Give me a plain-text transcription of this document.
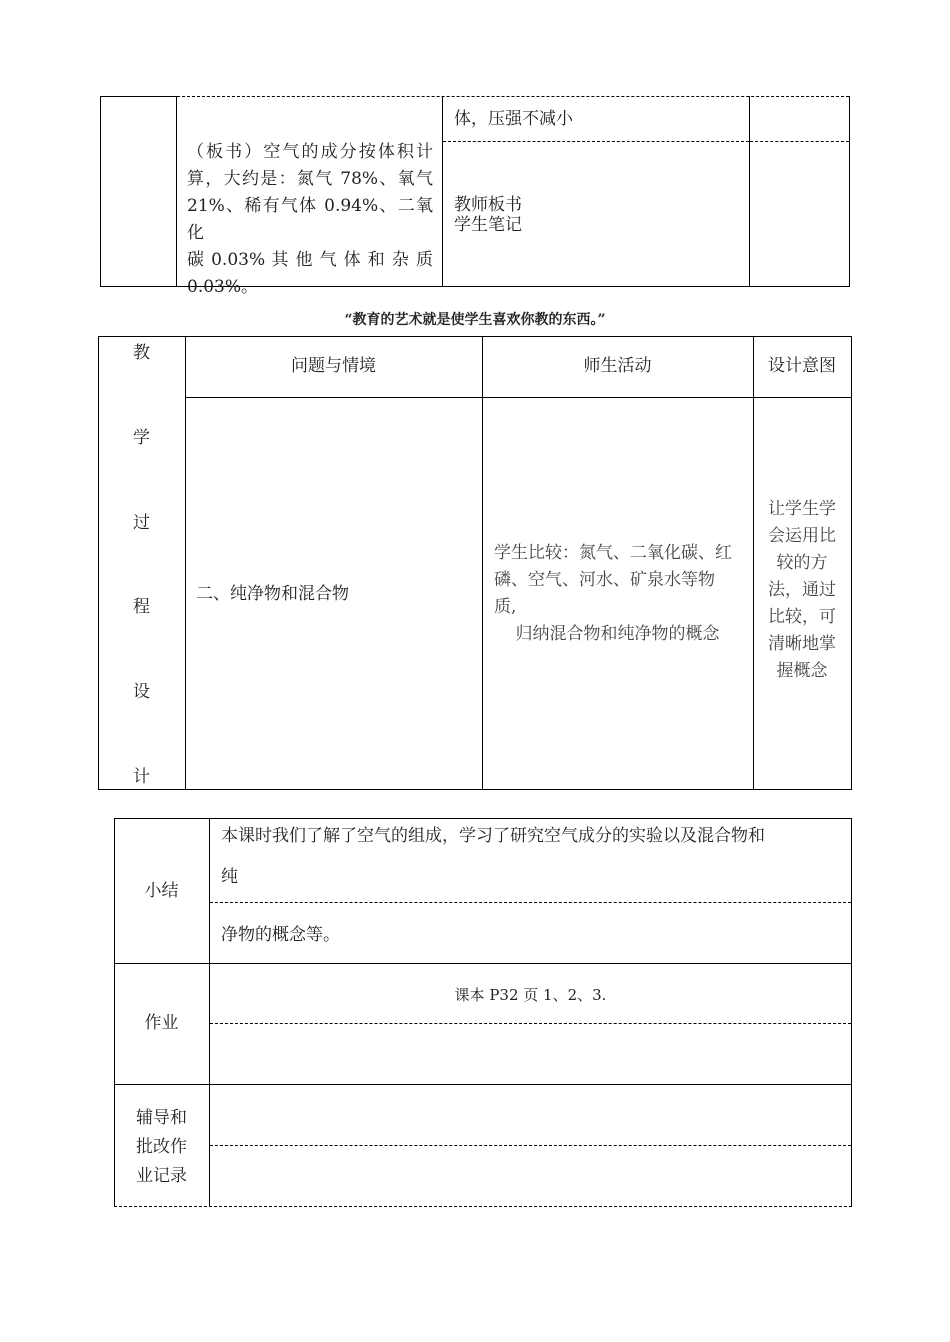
体，压强不减小
（板书）空气的成分按体积计
算，大约是：氮气 78%、氧气
21%、稀有气体 0.94%、二氧化
碳 0.03% 其 他 气 体 和 杂 质
0.03%。
教师板书
学生笔记
“教育的艺术就是使学生喜欢你教的东西。”
教
学
过
程
设
计
问题与情境	师生活动	设计意图
二、纯净物和混合物
学生比较：氮气、二氧化碳、红
磷、空气、河水、矿泉水等物
质,
归纳混合物和纯净物的概念
让学生学
会运用比
较的方
法，通过
比较，可
清晰地掌
握概念
小结
本课时我们了解了空气的组成，学习了研究空气成分的实验以及混合物和
纯
净物的概念等。
作业
课本 P32 页 1、2、3.
辅导和
批改作
业记录
